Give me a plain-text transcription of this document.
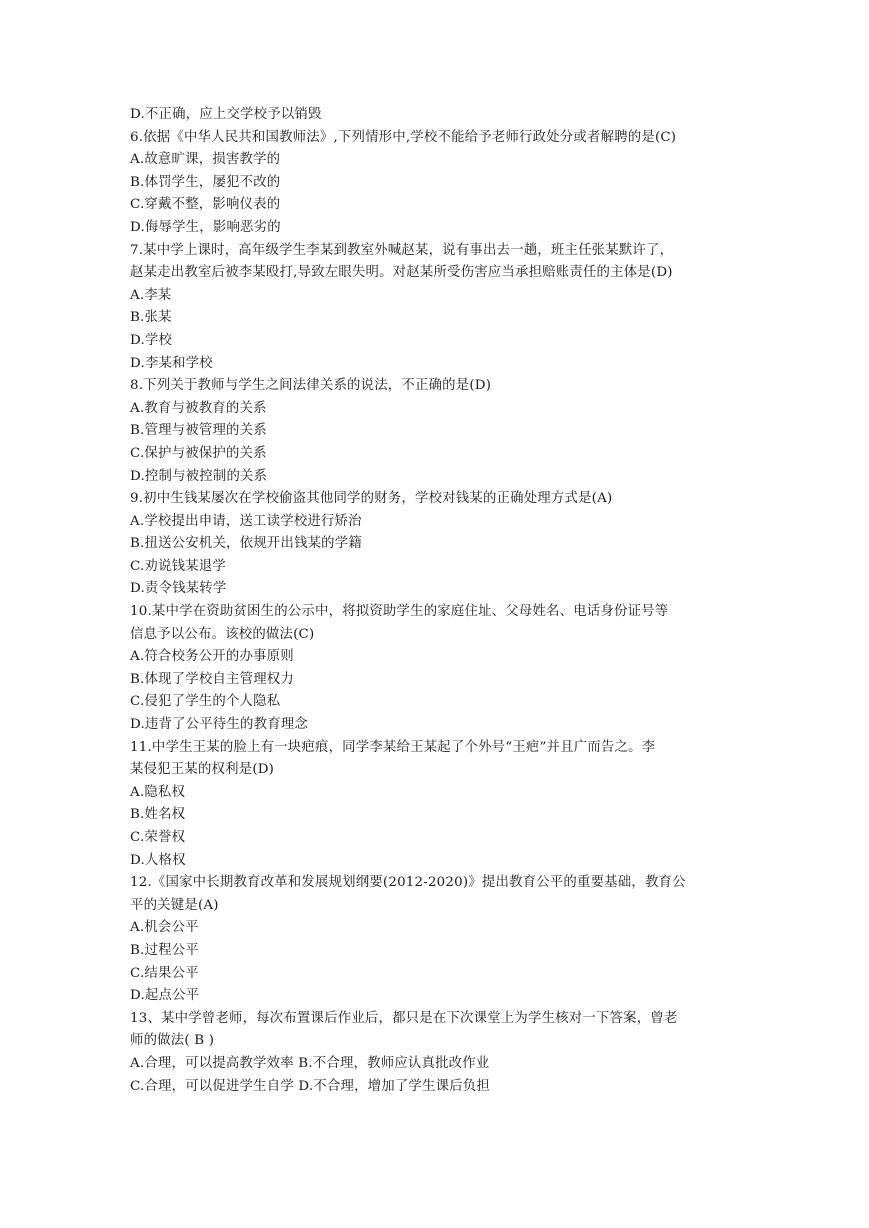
D.不正确，应上交学校予以销毁
6.依据《中华人民共和国教师法》,下列情形中,学校不能给予老师行政处分或者解聘的是(C)
A.故意旷课，损害教学的
B.体罚学生，屡犯不改的
C.穿戴不整，影响仪表的
D.侮辱学生，影响恶劣的
7.某中学上课时，高年级学生李某到教室外喊赵某，说有事出去一趟，班主任张某默许了，
赵某走出教室后被李某殴打,导致左眼失明。对赵某所受伤害应当承担赔账责任的主体是(D)
A.李某
B.张某
D.学校
D.李某和学校
8.下列关于教师与学生之间法律关系的说法，不正确的是(D)
A.教育与被教育的关系
B.管理与被管理的关系
C.保护与被保护的关系
D.控制与被控制的关系
9.初中生钱某屡次在学校偷盗其他同学的财务，学校对钱某的正确处理方式是(A)
A.学校提出申请，送工读学校进行矫治
B.扭送公安机关，依规开出钱某的学籍
C.劝说钱某退学
D.责令钱某转学
10.某中学在资助贫困生的公示中，将拟资助学生的家庭住址、父母姓名、电话身份证号等
信息予以公布。该校的做法(C)
A.符合校务公开的办事原则
B.体现了学校自主管理权力
C.侵犯了学生的个人隐私
D.违背了公平待生的教育理念
11.中学生王某的脸上有一块疤痕，同学李某给王某起了个外号“王疤”并且广而告之。李
某侵犯王某的权利是(D)
A.隐私权
B.姓名权
C.荣誉权
D.人格权
12.《国家中长期教育改革和发展规划纲要(2012-2020)》提出教育公平的重要基础，教育公
平的关键是(A)
A.机会公平
B.过程公平
C.结果公平
D.起点公平
13、某中学曾老师，每次布置课后作业后，都只是在下次课堂上为学生核对一下答案，曾老
师的做法( B )
A.合理，可以提高教学效率 B.不合理，教师应认真批改作业
C.合理，可以促进学生自学 D.不合理，增加了学生课后负担
